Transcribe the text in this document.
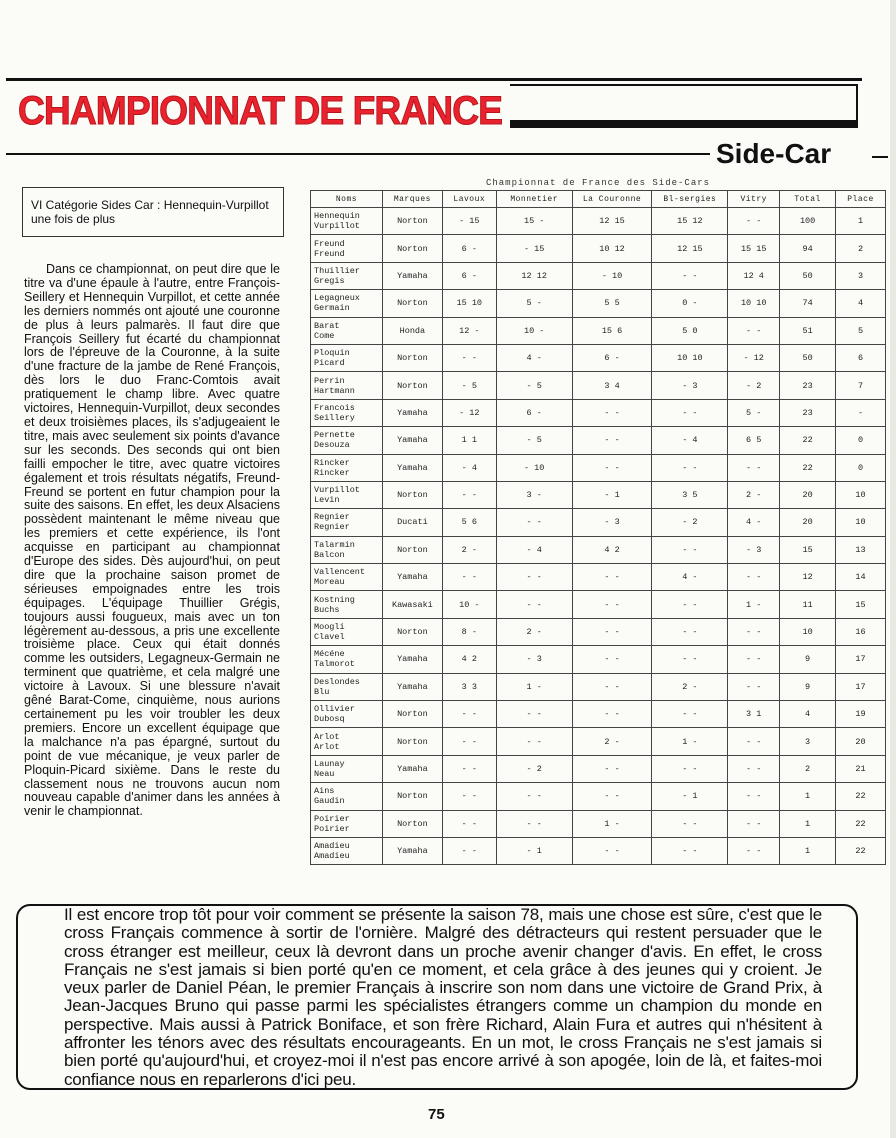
CHAMPIONNAT DE FRANCE
Side-Car
VI Catégorie Sides Car : Hennequin-Vurpillot une fois de plus

Dans ce championnat, on peut dire que le titre va d'une épaule à l'autre, entre François-Seillery et Hennequin Vurpillot, et cette année les derniers nommés ont ajouté une couronne de plus à leurs palmarès. Il faut dire que François Seillery fut écarté du championnat lors de l'épreuve de la Couronne, à la suite d'une fracture de la jambe de René François, dès lors le duo Franc-Comtois avait pratiquement le champ libre. Avec quatre victoires, Hennequin-Vurpillot, deux secondes et deux troisièmes places, ils s'adjugeaient le titre, mais avec seulement six points d'avance sur les seconds. Des seconds qui ont bien failli empocher le titre, avec quatre victoires également et trois résultats négatifs, Freund-Freund se portent en futur champion pour la suite des saisons. En effet, les deux Alsaciens possèdent maintenant le même niveau que les premiers et cette expérience, ils l'ont acquisse en participant au championnat d'Europe des sides. Dès aujourd'hui, on peut dire que la prochaine saison promet de sérieuses empoignades entre les trois équipages. L'équipage Thuillier Grégis, toujours aussi fougueux, mais avec un ton légèrement au-dessous, a pris une excellente troisième place. Ceux qui était donnés comme les outsiders, Legagneux-Germain ne terminent que quatrième, et cela malgré une victoire à Lavoux. Si une blessure n'avait gêné Barat-Come, cinquième, nous aurions certainement pu les voir troubler les deux premiers. Encore un excellent équipage que la malchance n'a pas épargné, surtout du point de vue mécanique, je veux parler de Ploquin-Picard sixième. Dans le reste du classement nous ne trouvons aucun nom nouveau capable d'animer dans les années à venir le championnat.

Championnat de France des Side-Cars
Noms	Marques	Lavoux	Monnetier	La Couronne	Bl-sergies	Vitry	Total	Place
Hennequin
Vurpillot	Norton	- 15	15 -	12 15	15 12	- -	100	1
Freund
Freund	Norton	6 -	- 15	10 12	12 15	15 15	94	2
Thuillier
Gregis	Yamaha	6 -	12 12	- 10	- -	12 4	50	3
Legagneux
Germain	Norton	15 10	5 -	5 5	0 -	10 10	74	4
Barat
Come	Honda	12 -	10 -	15 6	5 0	- -	51	5
Ploquin
Picard	Norton	- -	4 -	6 -	10 10	- 12	50	6
Perrin
Hartmann	Norton	- 5	- 5	3 4	- 3	- 2	23	7
Francois
Seillery	Yamaha	- 12	6 -	- -	- -	5 -	23	-
Pernette
Desouza	Yamaha	1 1	- 5	- -	- 4	6 5	22	0
Rincker
Rincker	Yamaha	- 4	- 10	- -	- -	- -	22	0
Vurpillot
Levin	Norton	- -	3 -	- 1	3 5	2 -	20	10
Regnier
Regnier	Ducati	5 6	- -	- 3	- 2	4 -	20	10
Talarmin
Balcon	Norton	2 -	- 4	4 2	- -	- 3	15	13
Vallencent
Moreau	Yamaha	- -	- -	- -	4 -	- -	12	14
Kostning
Buchs	Kawasaki	10 -	- -	- -	- -	1 -	11	15
Moogli
Clavel	Norton	8 -	2 -	- -	- -	- -	10	16
Mécéne
Talmorot	Yamaha	4 2	- 3	- -	- -	- -	9	17
Deslondes
Blu	Yamaha	3 3	1 -	- -	2 -	- -	9	17
Ollivier
Dubosq	Norton	- -	- -	- -	- -	3 1	4	19
Arlot
Arlot	Norton	- -	- -	2 -	1 -	- -	3	20
Launay
Neau	Yamaha	- -	- 2	- -	- -	- -	2	21
Ains
Gaudin	Norton	- -	- -	- -	- 1	- -	1	22
Poirier
Poirier	Norton	- -	- -	1 -	- -	- -	1	22
Amadieu
Amadieu	Yamaha	- -	- 1	- -	- -	- -	1	22
Il est encore trop tôt pour voir comment se présente la saison 78, mais une chose est sûre, c'est que le cross Français commence à sortir de l'ornière. Malgré des détracteurs qui restent persuader que le cross étranger est meilleur, ceux là devront dans un proche avenir changer d'avis. En effet, le cross Français ne s'est jamais si bien porté qu'en ce moment, et cela grâce à des jeunes qui y croient. Je veux parler de Daniel Péan, le premier Français à inscrire son nom dans une victoire de Grand Prix, à Jean-Jacques Bruno qui passe parmi les spécialistes étrangers comme un champion du monde en perspective. Mais aussi à Patrick Boniface, et son frère Richard, Alain Fura et autres qui n'hésitent à affronter les ténors avec des résultats encourageants. En un mot, le cross Français ne s'est jamais si bien porté qu'aujourd'hui, et croyez-moi il n'est pas encore arrivé à son apogée, loin de là, et faites-moi confiance nous en reparlerons d'ici peu.
75
